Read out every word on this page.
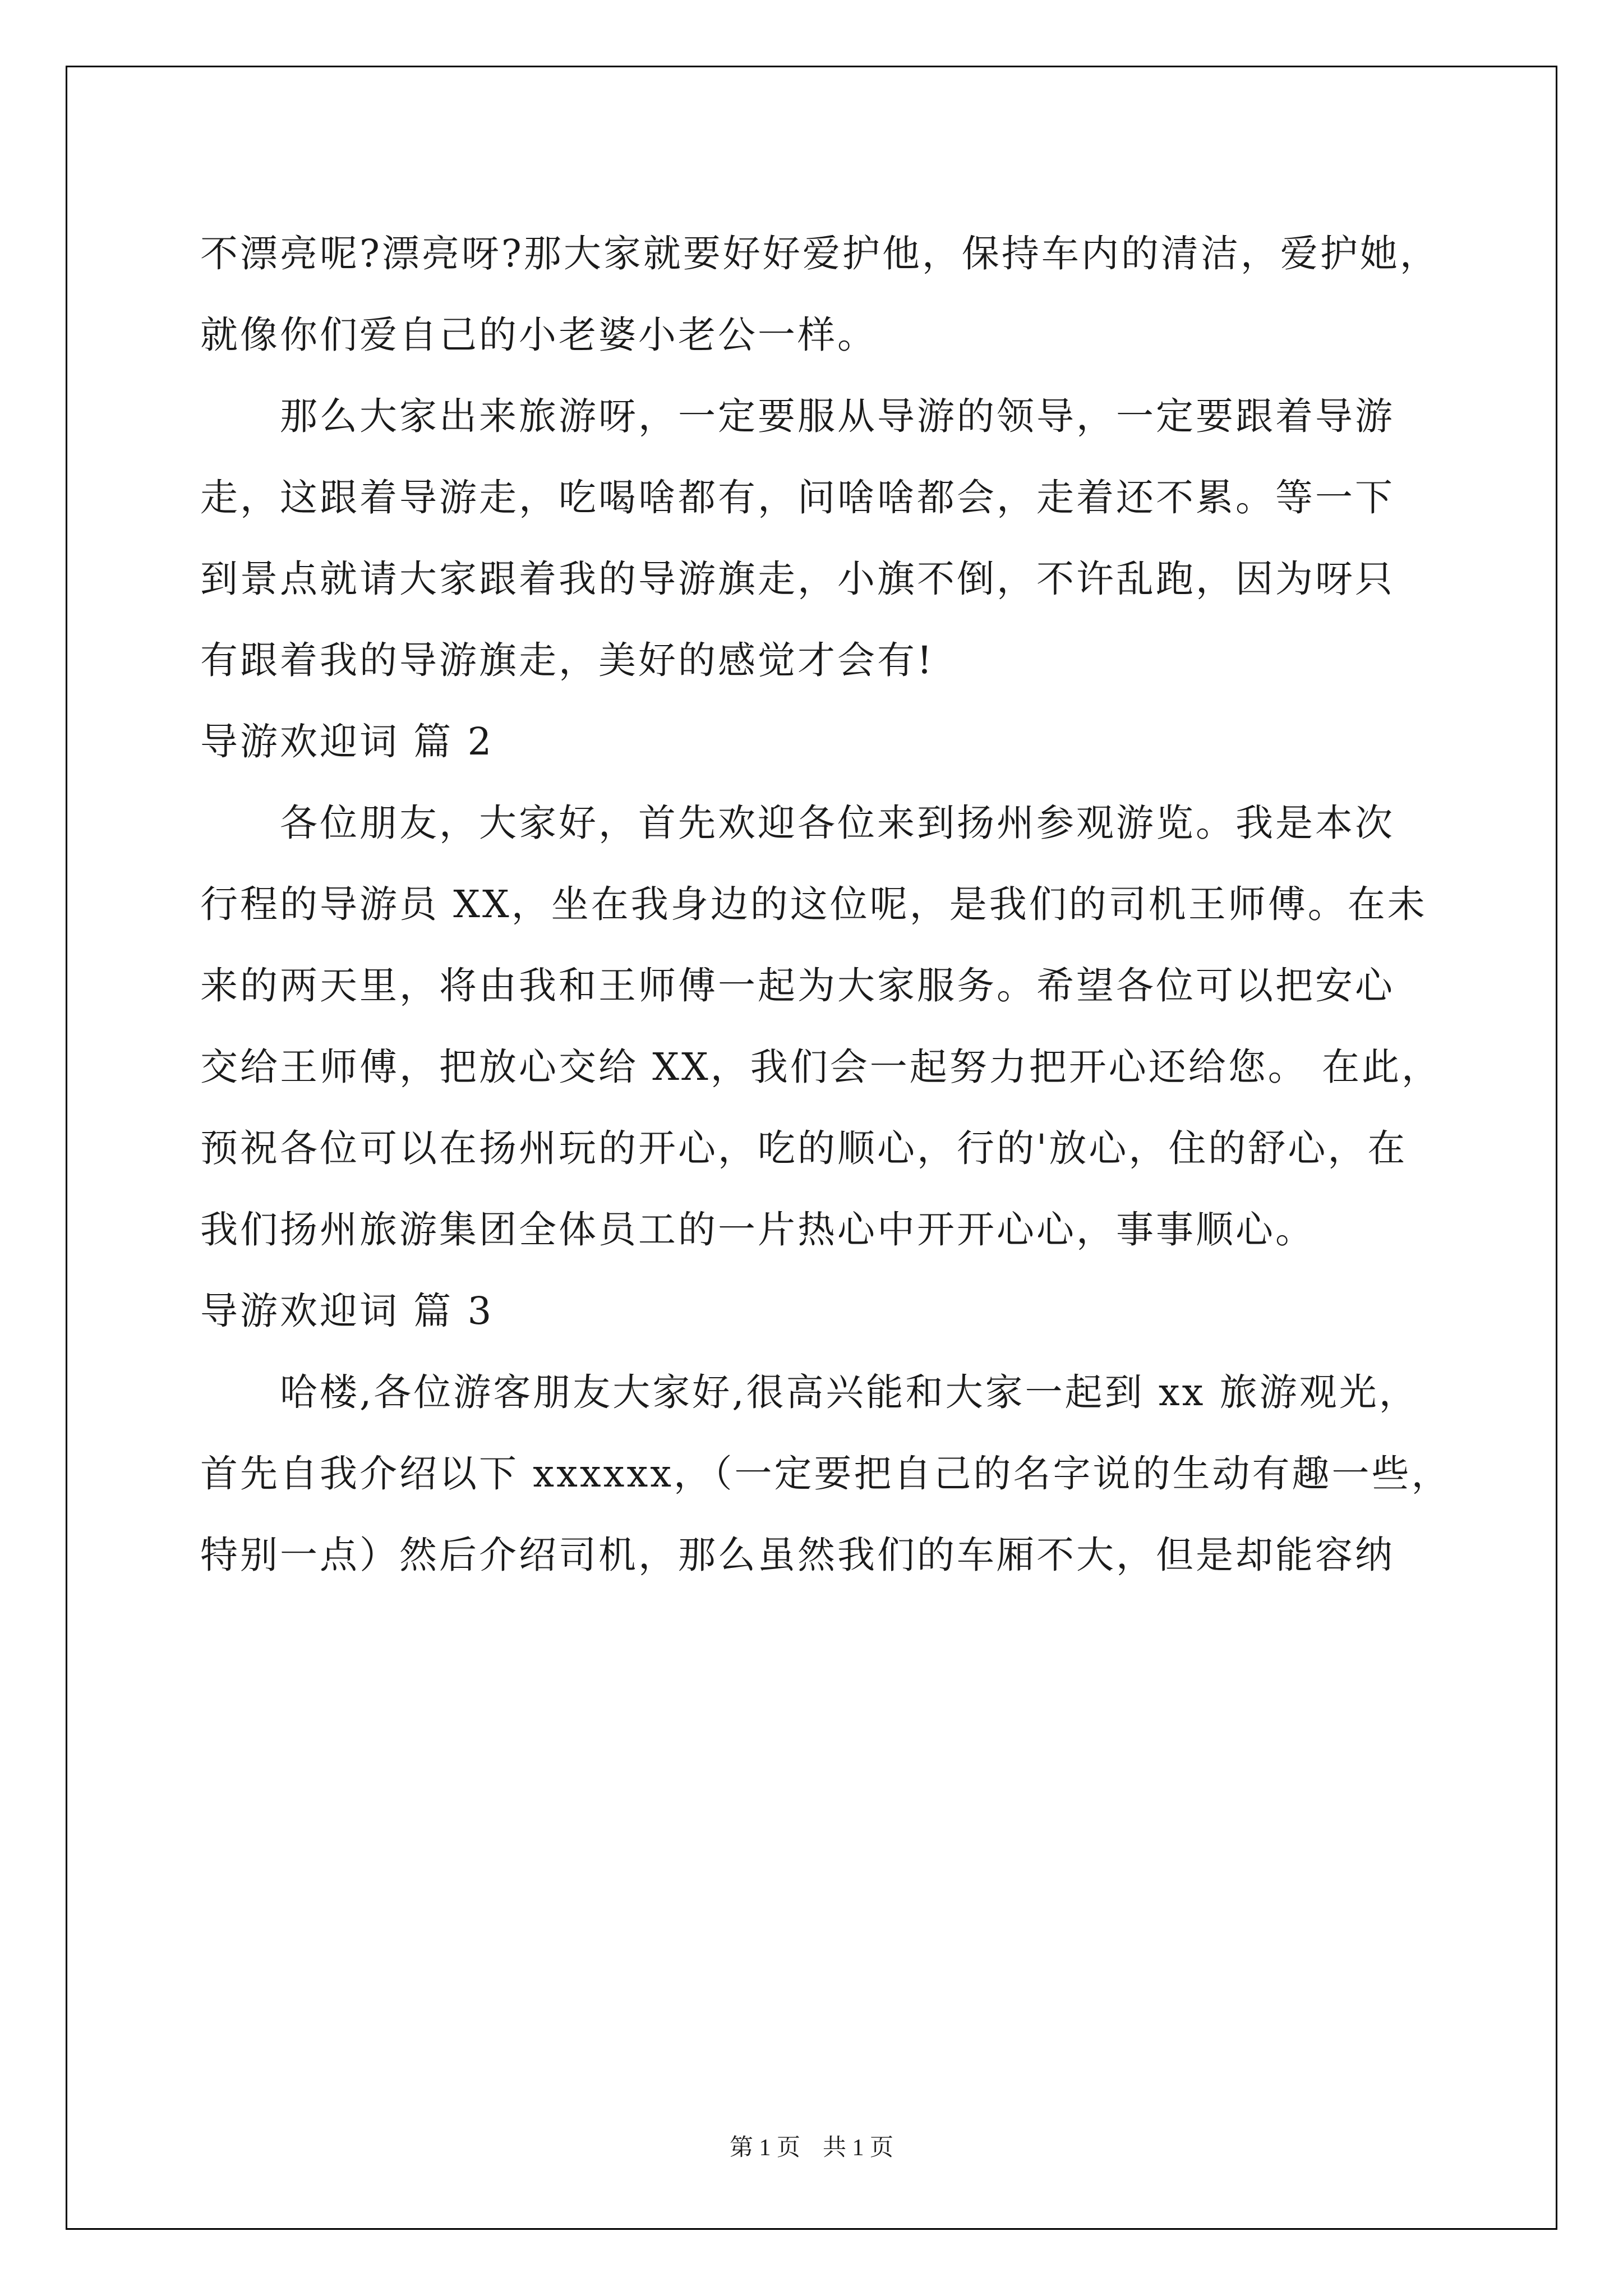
不漂亮呢?漂亮呀?那大家就要好好爱护他，保持车内的清洁，爱护她，
就像你们爱自己的小老婆小老公一样。
　　那么大家出来旅游呀，一定要服从导游的领导，一定要跟着导游
走，这跟着导游走，吃喝啥都有，问啥啥都会，走着还不累。等一下
到景点就请大家跟着我的导游旗走，小旗不倒，不许乱跑，因为呀只
有跟着我的导游旗走，美好的感觉才会有!
导游欢迎词 篇 2
　　各位朋友，大家好，首先欢迎各位来到扬州参观游览。我是本次
行程的导游员 XX，坐在我身边的这位呢，是我们的司机王师傅。在未
来的两天里，将由我和王师傅一起为大家服务。希望各位可以把安心
交给王师傅，把放心交给 XX，我们会一起努力把开心还给您。 在此，
预祝各位可以在扬州玩的开心，吃的顺心，行的'放心，住的舒心，在
我们扬州旅游集团全体员工的一片热心中开开心心，事事顺心。
导游欢迎词 篇 3
　　哈楼,各位游客朋友大家好,很高兴能和大家一起到 xx 旅游观光，
首先自我介绍以下 xxxxxx，（一定要把自己的名字说的生动有趣一些，
特别一点）然后介绍司机，那么虽然我们的车厢不大，但是却能容纳
第 1 页 共 1 页
